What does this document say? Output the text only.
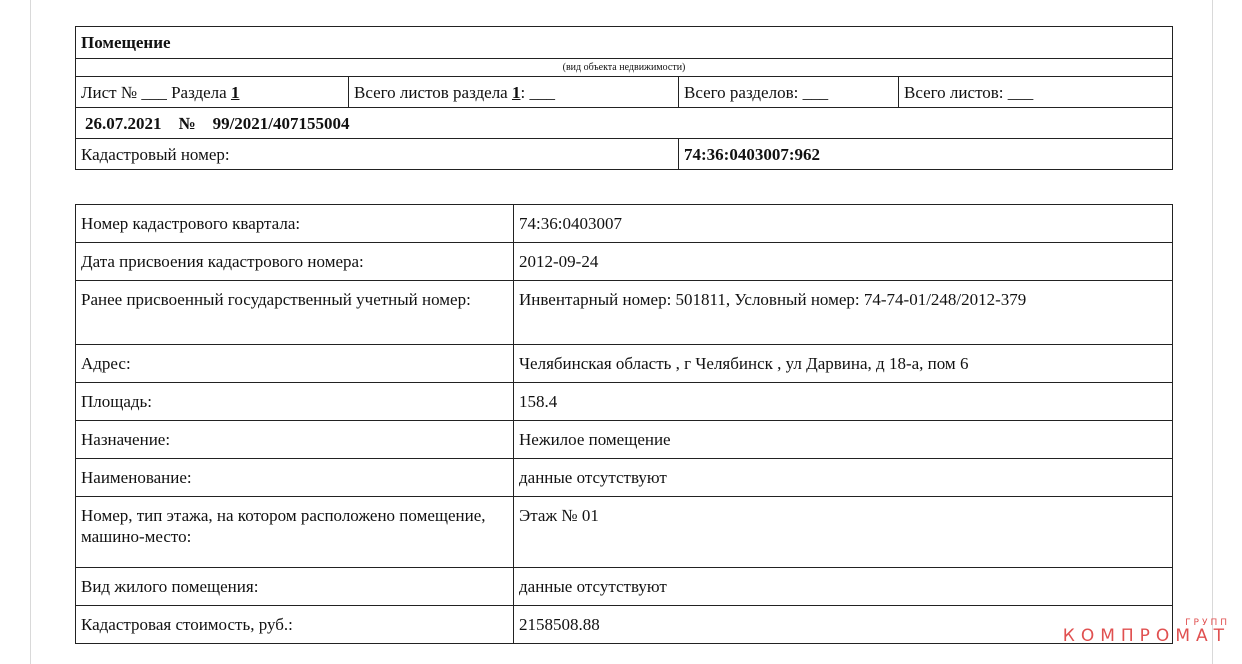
Помещение			
(вид объекта недвижимости)			
Лист № ___ Раздела 1	Всего листов раздела 1: ___	Всего разделов: ___	Всего листов: ___
26.07.2021    №    99/2021/407155004			
Кадастровый номер:		74:36:0403007:962	
Номер кадастрового квартала:	74:36:0403007
Дата присвоения кадастрового номера:	2012-09-24
Ранее присвоенный государственный учетный номер:	Инвентарный номер: 501811, Условный номер: 74-74-01/248/2012-379
Адрес:	Челябинская область , г Челябинск , ул Дарвина, д 18-а, пом 6
Площадь:	158.4
Назначение:	Нежилое помещение
Наименование:	данные отсутствуют
Номер, тип этажа, на котором расположено помещение, машино-место:	Этаж № 01
Вид жилого помещения:	данные отсутствуют
Кадастровая стоимость, руб.:	2158508.88	ГРУПП
КОМПРОМАТ
